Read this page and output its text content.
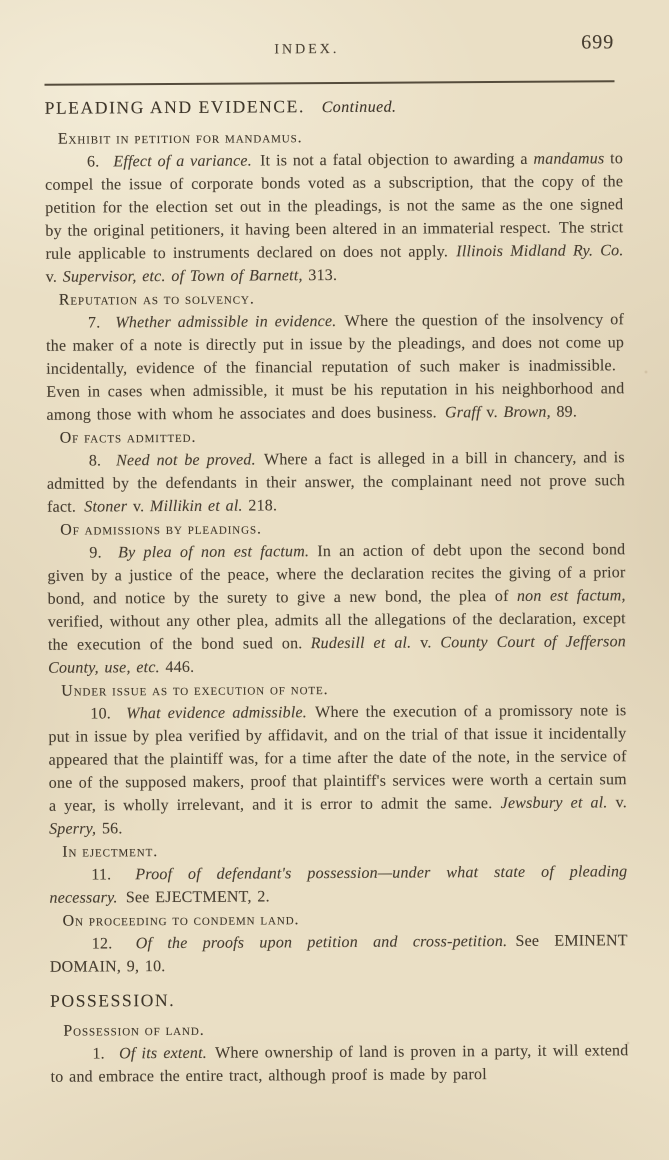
INDEX.	699
PLEADING AND EVIDENCE.  Continued.
Exhibit in petition for mandamus.

6.  Effect of a variance. It is not a fatal objection to awarding a mandamus to compel the issue of corporate bonds voted as a subscription, that the copy of the petition for the election set out in the pleadings, is not the same as the one signed by the original petitioners, it having been altered in an immaterial respect. The strict rule applicable to instruments declared on does not apply. Illinois Midland Ry. Co. v. Supervisor, etc. of Town of Barnett, 313.

Reputation as to solvency.

7.  Whether admissible in evidence. Where the question of the insolvency of the maker of a note is directly put in issue by the pleadings, and does not come up incidentally, evidence of the financial reputation of such maker is inadmissible. Even in cases when admissible, it must be his reputation in his neighborhood and among those with whom he associates and does business. Graff v. Brown, 89.

Of facts admitted.

8.  Need not be proved. Where a fact is alleged in a bill in chancery, and is admitted by the defendants in their answer, the complainant need not prove such fact. Stoner v. Millikin et al. 218.

Of admissions by pleadings.

9.  By plea of non est factum. In an action of debt upon the second bond given by a justice of the peace, where the declaration recites the giving of a prior bond, and notice by the surety to give a new bond, the plea of non est factum, verified, without any other plea, admits all the allegations of the declaration, except the execution of the bond sued on. Rudesill et al. v. County Court of Jefferson County, use, etc. 446.

Under issue as to execution of note.

10.  What evidence admissible. Where the execution of a promissory note is put in issue by plea verified by affidavit, and on the trial of that issue it incidentally appeared that the plaintiff was, for a time after the date of the note, in the service of one of the supposed makers, proof that plaintiff's services were worth a certain sum a year, is wholly irrelevant, and it is error to admit the same. Jewsbury et al. v. Sperry, 56.

In ejectment.

11.  Proof of defendant's possession—under what state of pleading necessary. See EJECTMENT, 2.

On proceeding to condemn land.

12.  Of the proofs upon petition and cross-petition. See EMINENT DOMAIN, 9, 10.

POSSESSION.
Possession of land.

1.  Of its extent. Where ownership of land is proven in a party, it will extend to and embrace the entire tract, although proof is made by parol
